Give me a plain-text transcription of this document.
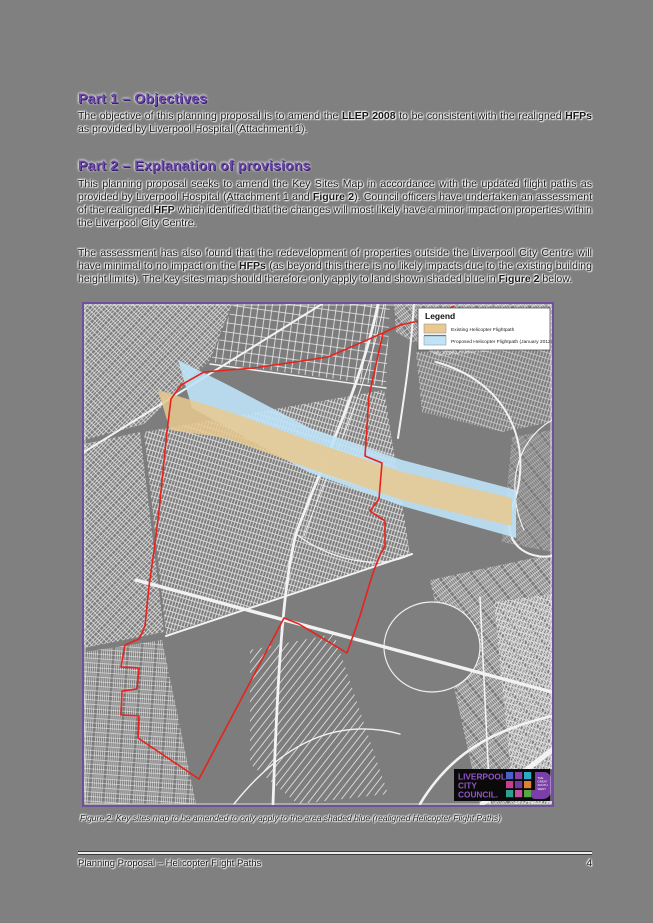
Part 1 – Objectives
The objective of this planning proposal is to amend the LLEP 2008 to be consistent with the realigned HFPs as provided by Liverpool Hospital (Attachment 1).
Part 2 – Explanation of provisions
This planning proposal seeks to amend the Key Sites Map in accordance with the updated flight paths as provided by Liverpool Hospital (Attachment 1 and Figure 2). Council officers have undertaken an assessment of the realigned HFP which identified that the changes will most likely have a minor impact on properties within the Liverpool City Centre.
The assessment has also found that the redevelopment of properties outside the Liverpool City Centre will have minimal to no impact on the HFPs (as beyond this there is no likely impacts due to the existing building height limits). The key sites map should therefore only apply to land shown shaded blue in Figure 2 below.
Legend
Existing Helicopter Flightpath
Proposed Helicopter Flightpath (January 2012)
LIVERPOOL
CITY
COUNCIL.
THE
GREAT
SOUTH
WEST
Figure 2: Key sites map to be amended to only apply to the area shaded blue (realigned Helicopter Flight Paths)
Planning Proposal – Helicopter Flight Paths	4
